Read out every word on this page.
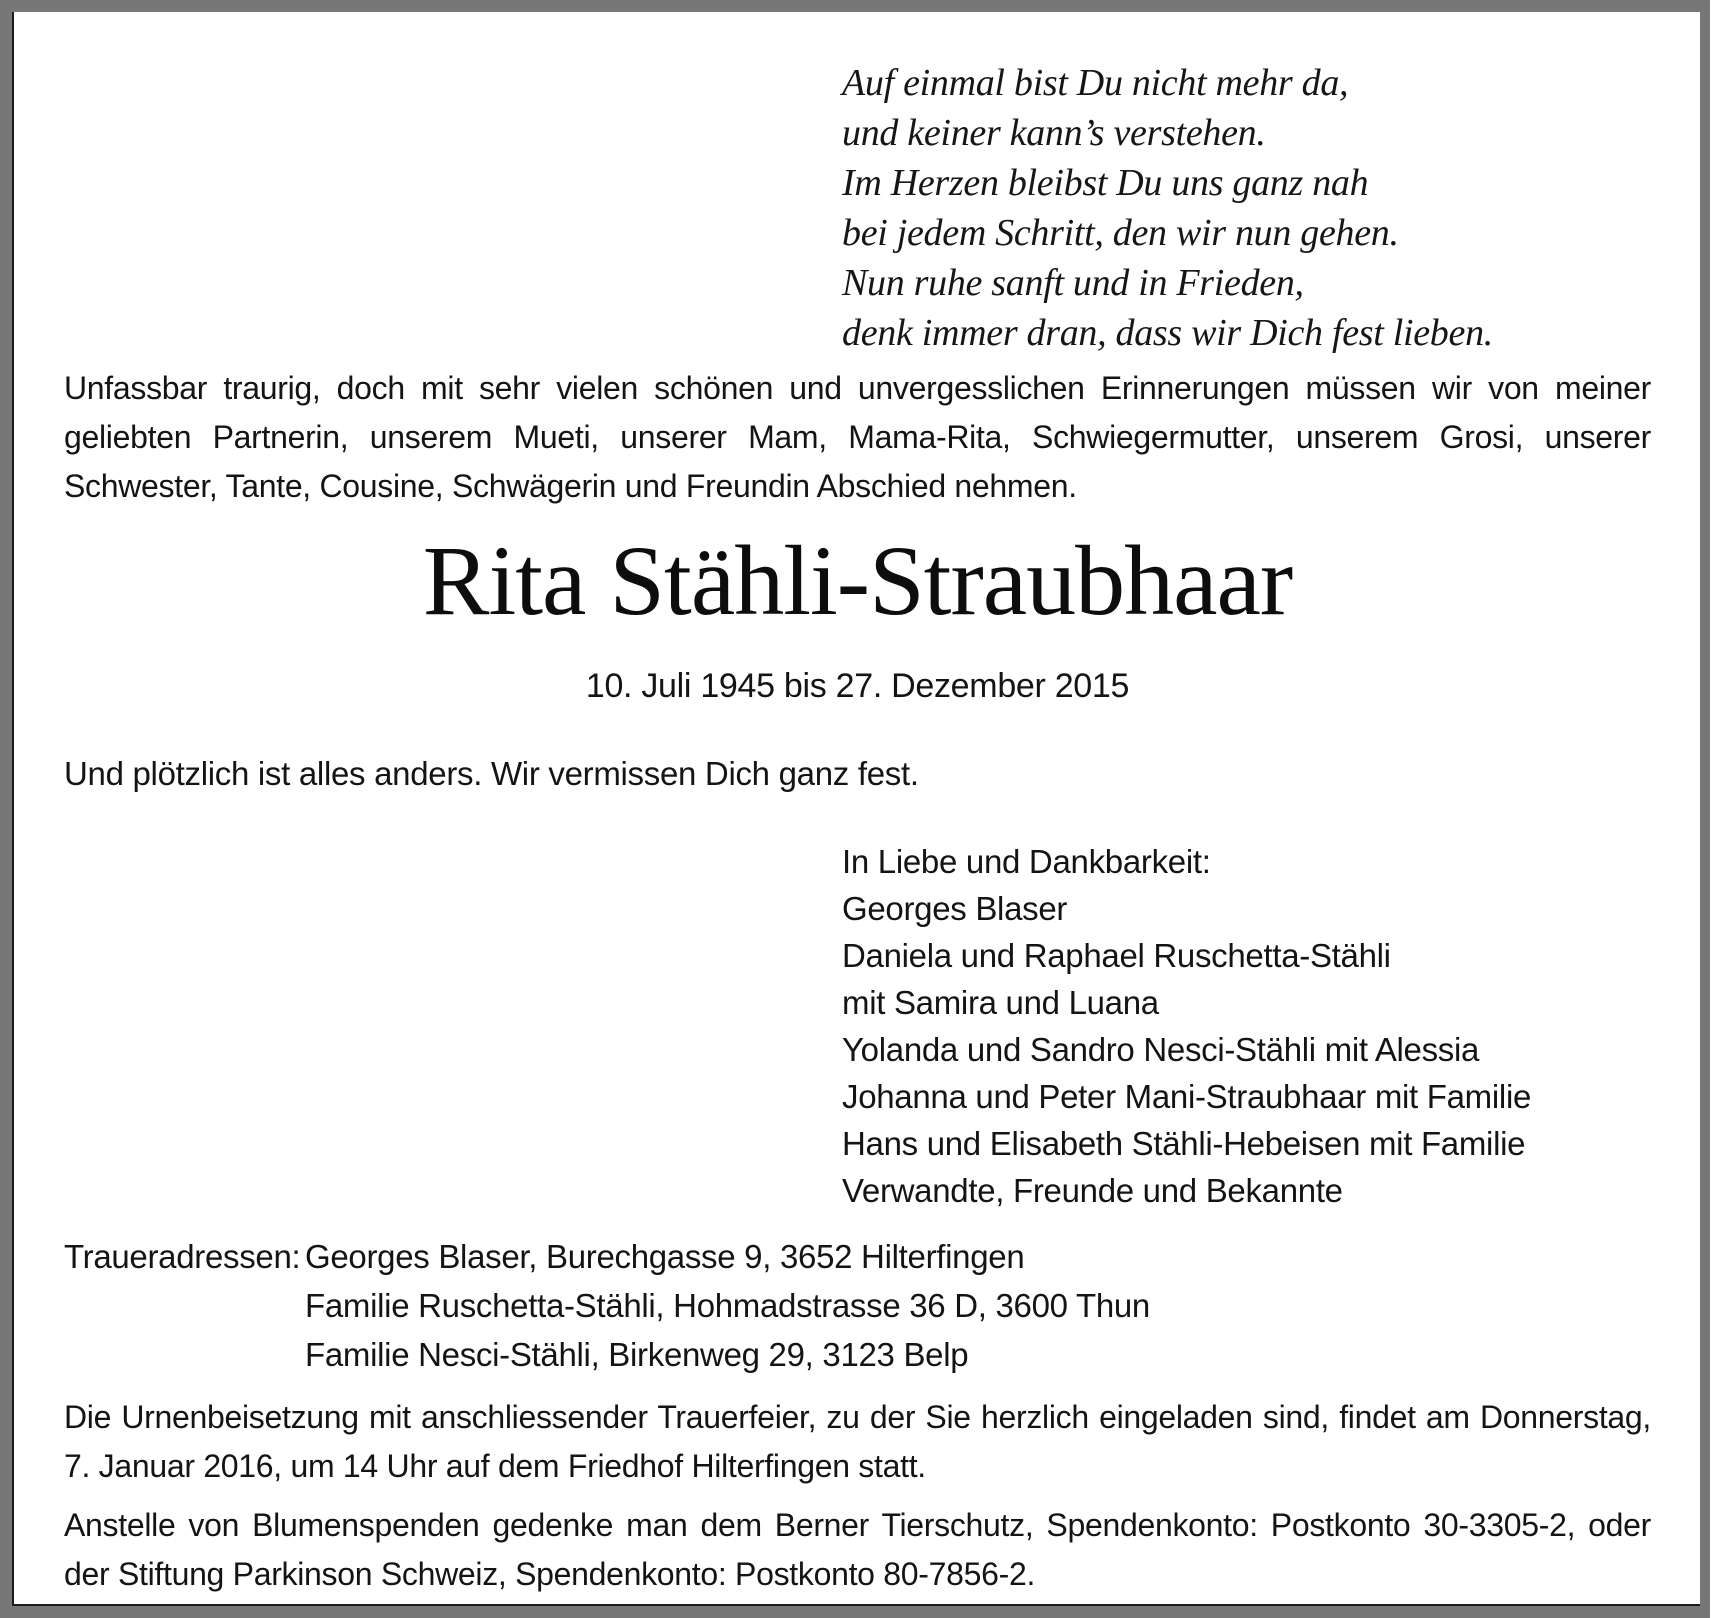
Auf einmal bist Du nicht mehr da,
und keiner kann’s verstehen.
Im Herzen bleibst Du uns ganz nah
bei jedem Schritt, den wir nun gehen.
Nun ruhe sanft und in Frieden,
denk immer dran, dass wir Dich fest lieben.
Unfassbar traurig, doch mit sehr vielen schönen und unvergesslichen Erinnerungen müssen wir von meiner geliebten Partnerin, unserem Mueti, unserer Mam, Mama-Rita, Schwiegermutter, unserem Grosi, unserer Schwester, Tante, Cousine, Schwägerin und Freundin Abschied nehmen.
Rita Stähli-Straubhaar
10. Juli 1945 bis 27. Dezember 2015
Und plötzlich ist alles anders. Wir vermissen Dich ganz fest.
In Liebe und Dankbarkeit:
Georges Blaser
Daniela und Raphael Ruschetta-Stähli
mit Samira und Luana
Yolanda und Sandro Nesci-Stähli mit Alessia
Johanna und Peter Mani-Straubhaar mit Familie
Hans und Elisabeth Stähli-Hebeisen mit Familie
Verwandte, Freunde und Bekannte
Traueradressen: Georges Blaser, Burechgasse 9, 3652 Hilterfingen
Familie Ruschetta-Stähli, Hohmadstrasse 36 D, 3600 Thun
Familie Nesci-Stähli, Birkenweg 29, 3123 Belp
Die Urnenbeisetzung mit anschliessender Trauerfeier, zu der Sie herzlich eingeladen sind, findet am Donnerstag, 7. Januar 2016, um 14 Uhr auf dem Friedhof Hilterfingen statt.
Anstelle von Blumenspenden gedenke man dem Berner Tierschutz, Spendenkonto: Postkonto 30-3305-2, oder der Stiftung Parkinson Schweiz, Spendenkonto: Postkonto 80-7856-2.
